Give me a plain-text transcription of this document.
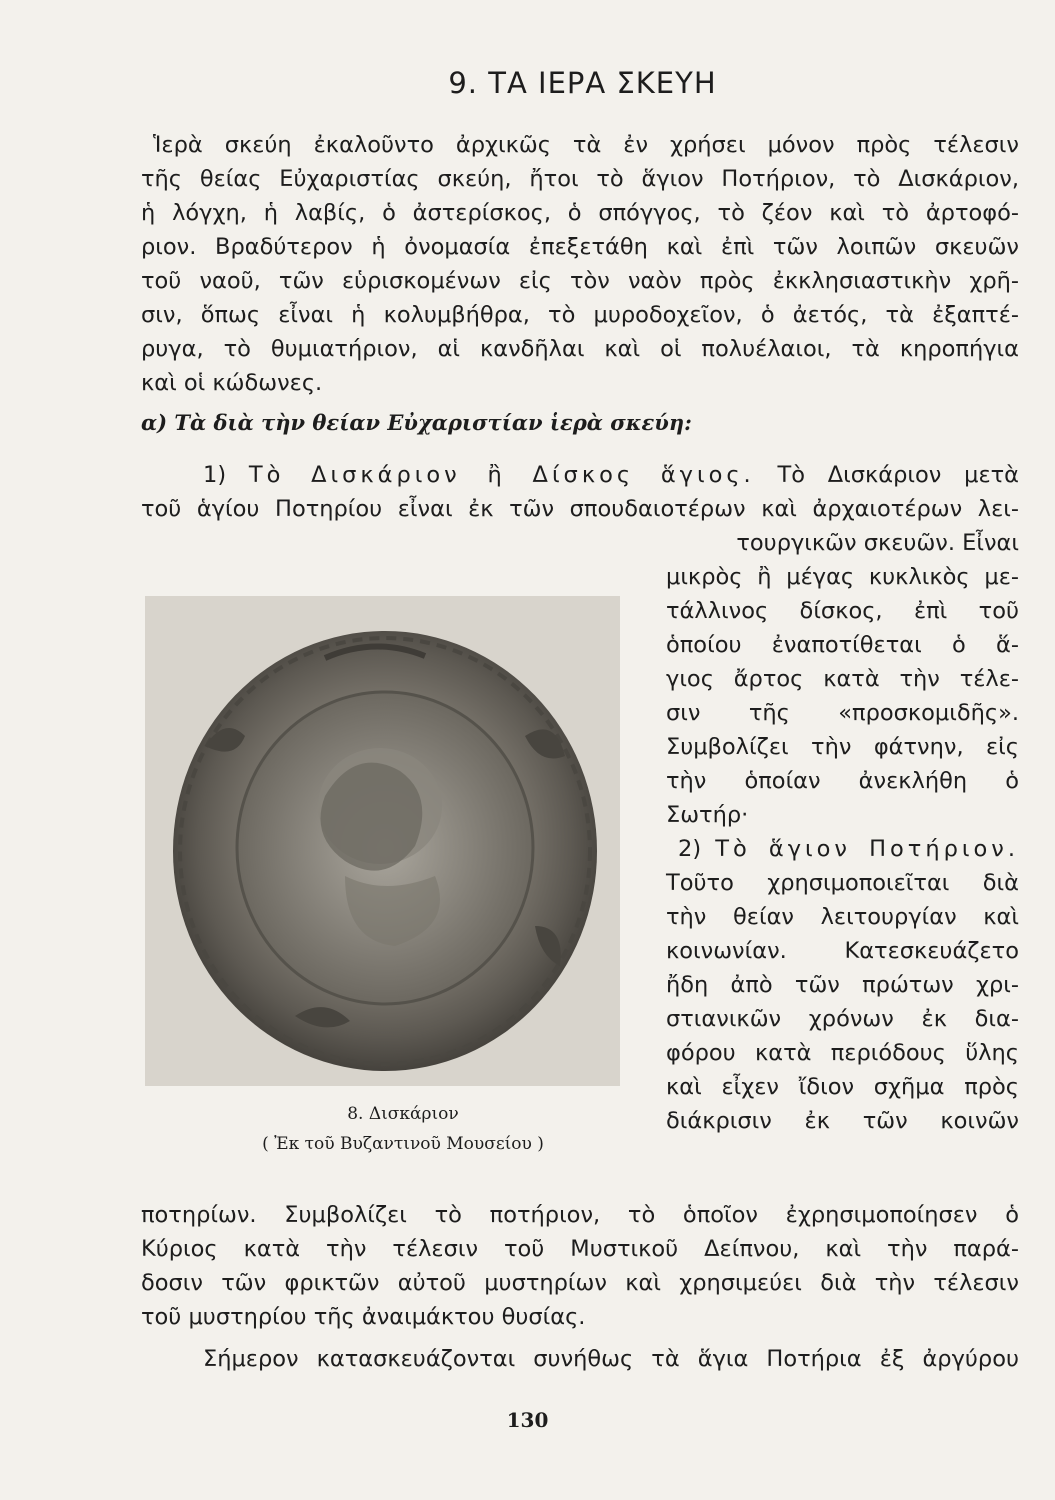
9. ΤΑ ΙΕΡΑ ΣΚΕΥΗ
Ἱερὰ σκεύη ἐκαλοῦντο ἀρχικῶς τὰ ἐν χρήσει μόνον πρὸς τέλεσιν
τῆς θείας Εὐχαριστίας σκεύη, ἤτοι τὸ ἅγιον Ποτήριον, τὸ Δισκάριον,
ἡ λόγχη, ἡ λαβίς, ὁ ἀστερίσκος, ὁ σπόγγος, τὸ ζέον καὶ τὸ ἀρτοφό-
ριον. Βραδύτερον ἡ ὀνομασία ἐπεξετάθη καὶ ἐπὶ τῶν λοιπῶν σκευῶν
τοῦ ναοῦ, τῶν εὑρισκομένων εἰς τὸν ναὸν πρὸς ἐκκλησιαστικὴν χρῆ-
σιν, ὅπως εἶναι ἡ κολυμβήθρα, τὸ μυροδοχεῖον, ὁ ἀετός, τὰ ἐξαπτέ-
ρυγα, τὸ θυμιατήριον, αἱ κανδῆλαι καὶ οἱ πολυέλαιοι, τὰ κηροπήγια
καὶ οἱ κώδωνες.
α) Τὰ διὰ τὴν θείαν Εὐχαριστίαν ἱερὰ σκεύη:
1) Τὸ Δισκάριον ἢ Δίσκος ἅγιος. Τὸ Δισκάριον μετὰ
τοῦ ἁγίου Ποτηρίου εἶναι ἐκ τῶν σπουδαιοτέρων καὶ ἀρχαιοτέρων λει-
τουργικῶν σκευῶν. Εἶναι
μικρὸς ἢ μέγας κυκλικὸς με-
τάλλινος δίσκος, ἐπὶ τοῦ
ὁποίου ἐναποτίθεται ὁ ἅ-
γιος ἄρτος κατὰ τὴν τέλε-
σιν τῆς «προσκομιδῆς».
Συμβολίζει τὴν φάτνην, εἰς
τὴν ὁποίαν ἀνεκλήθη ὁ
Σωτήρ·
2) Τὸ ἅγιον Ποτήριον.
Τοῦτο χρησιμοποιεῖται διὰ
τὴν θείαν λειτουργίαν καὶ
κοινωνίαν. Κατεσκευάζετο
ἤδη ἀπὸ τῶν πρώτων χρι-
στιανικῶν χρόνων ἐκ δια-
φόρου κατὰ περιόδους ὕλης
καὶ εἶχεν ἴδιον σχῆμα πρὸς
διάκρισιν ἐκ τῶν κοινῶν
8. Δισκάριον
( Ἐκ τοῦ Βυζαντινοῦ Μουσείου )
ποτηρίων. Συμβολίζει τὸ ποτήριον, τὸ ὁποῖον ἐχρησιμοποίησεν ὁ
Κύριος κατὰ τὴν τέλεσιν τοῦ Μυστικοῦ Δείπνου, καὶ τὴν παρά-
δοσιν τῶν φρικτῶν αὐτοῦ μυστηρίων καὶ χρησιμεύει διὰ τὴν τέλεσιν
τοῦ μυστηρίου τῆς ἀναιμάκτου θυσίας.
Σήμερον κατασκευάζονται συνήθως τὰ ἅγια Ποτήρια ἐξ ἀργύρου
130
